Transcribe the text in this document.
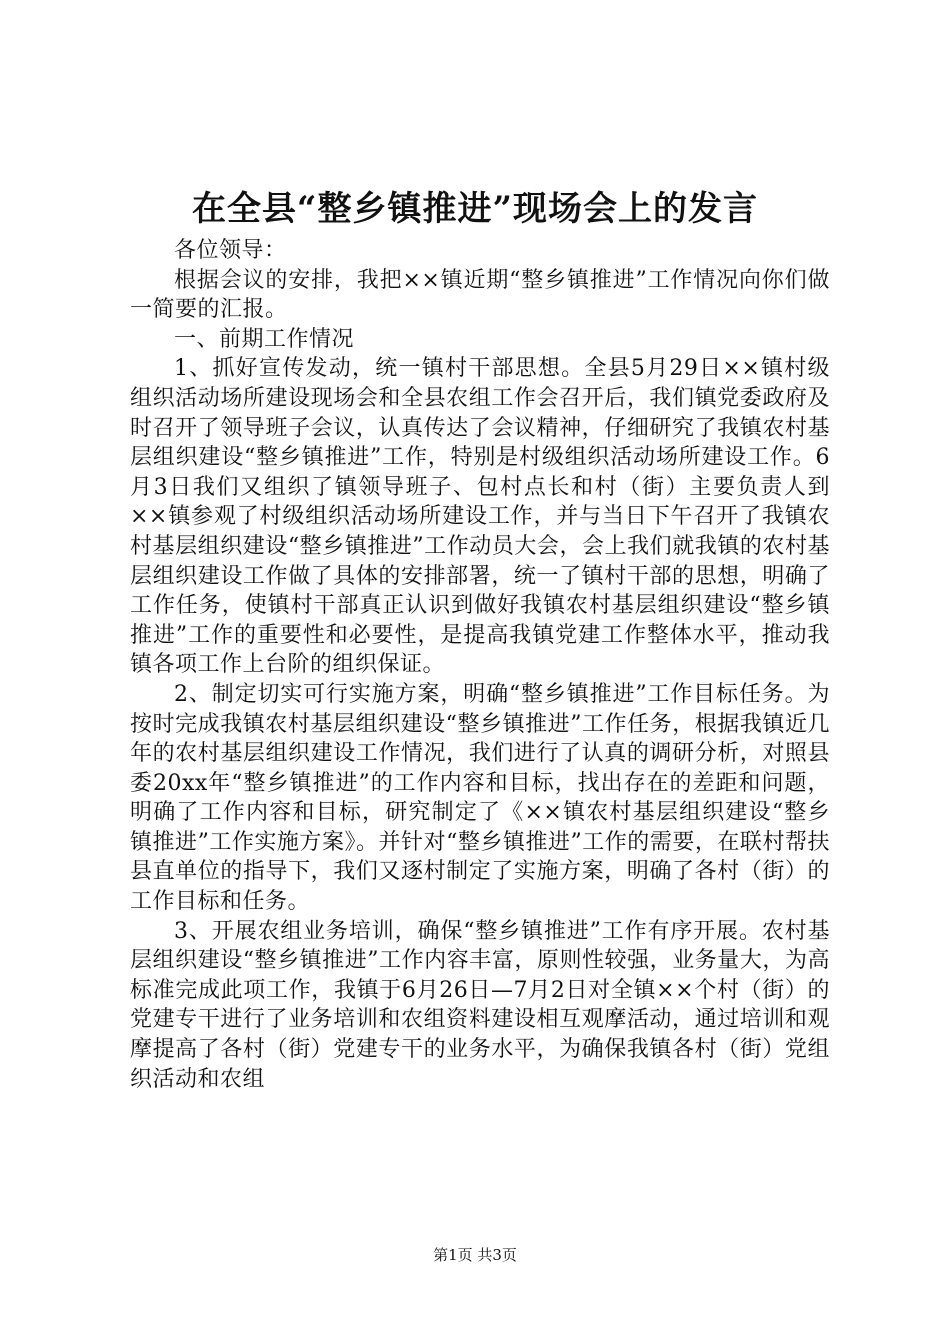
在全县“整乡镇推进”现场会上的发言

各位领导：

根据会议的安排，我把××镇近期“整乡镇推进”工作情况向你们做一简要的汇报。

一、前期工作情况

1、抓好宣传发动，统一镇村干部思想。全县5月29日××镇村级组织活动场所建设现场会和全县农组工作会召开后，我们镇党委政府及时召开了领导班子会议，认真传达了会议精神，仔细研究了我镇农村基层组织建设“整乡镇推进”工作，特别是村级组织活动场所建设工作。6月3日我们又组织了镇领导班子、包村点长和村（街）主要负责人到××镇参观了村级组织活动场所建设工作，并与当日下午召开了我镇农村基层组织建设“整乡镇推进”工作动员大会，会上我们就我镇的农村基层组织建设工作做了具体的安排部署，统一了镇村干部的思想，明确了工作任务，使镇村干部真正认识到做好我镇农村基层组织建设“整乡镇推进”工作的重要性和必要性，是提高我镇党建工作整体水平，推动我镇各项工作上台阶的组织保证。

2、制定切实可行实施方案，明确“整乡镇推进”工作目标任务。为按时完成我镇农村基层组织建设“整乡镇推进”工作任务，根据我镇近几年的农村基层组织建设工作情况，我们进行了认真的调研分析，对照县委20xx年“整乡镇推进”的工作内容和目标，找出存在的差距和问题，明确了工作内容和目标，研究制定了《××镇农村基层组织建设“整乡镇推进”工作实施方案》。并针对“整乡镇推进”工作的需要，在联村帮扶县直单位的指导下，我们又逐村制定了实施方案，明确了各村（街）的工作目标和任务。

3、开展农组业务培训，确保“整乡镇推进”工作有序开展。农村基层组织建设“整乡镇推进”工作内容丰富，原则性较强，业务量大，为高标准完成此项工作，我镇于6月26日—7月2日对全镇××个村（街）的党建专干进行了业务培训和农组资料建设相互观摩活动，通过培训和观摩提高了各村（街）党建专干的业务水平，为确保我镇各村（街）党组织活动和农组

第1页 共3页
